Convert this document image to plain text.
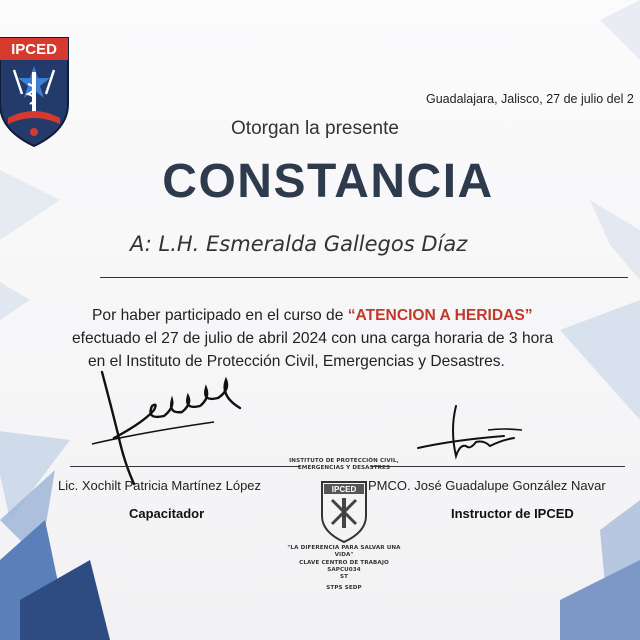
IPCED
Guadalajara, Jalisco, 27 de julio del 2
Otorgan la presente
CONSTANCIA
A: L.H. Esmeralda Gallegos Díaz
Por haber participado en el curso de “ATENCION A HERIDAS”
efectuado el 27 de julio de abril 2024 con una carga horaria de 3 hora
en el Instituto de Protección Civil, Emergencias y Desastres.
Lic. Xochilt Patricia Martínez López
Capacitador
PMCO. José Guadalupe González Navar
Instructor de IPCED
IPCED
INSTITUTO DE PROTECCIÓN CIVIL,
EMERGENCIAS Y DESASTRES
"LA DIFERENCIA PARA SALVAR UNA VIDA"
CLAVE CENTRO DE TRABAJO
SAPCU034
ST
STPS SEDP
